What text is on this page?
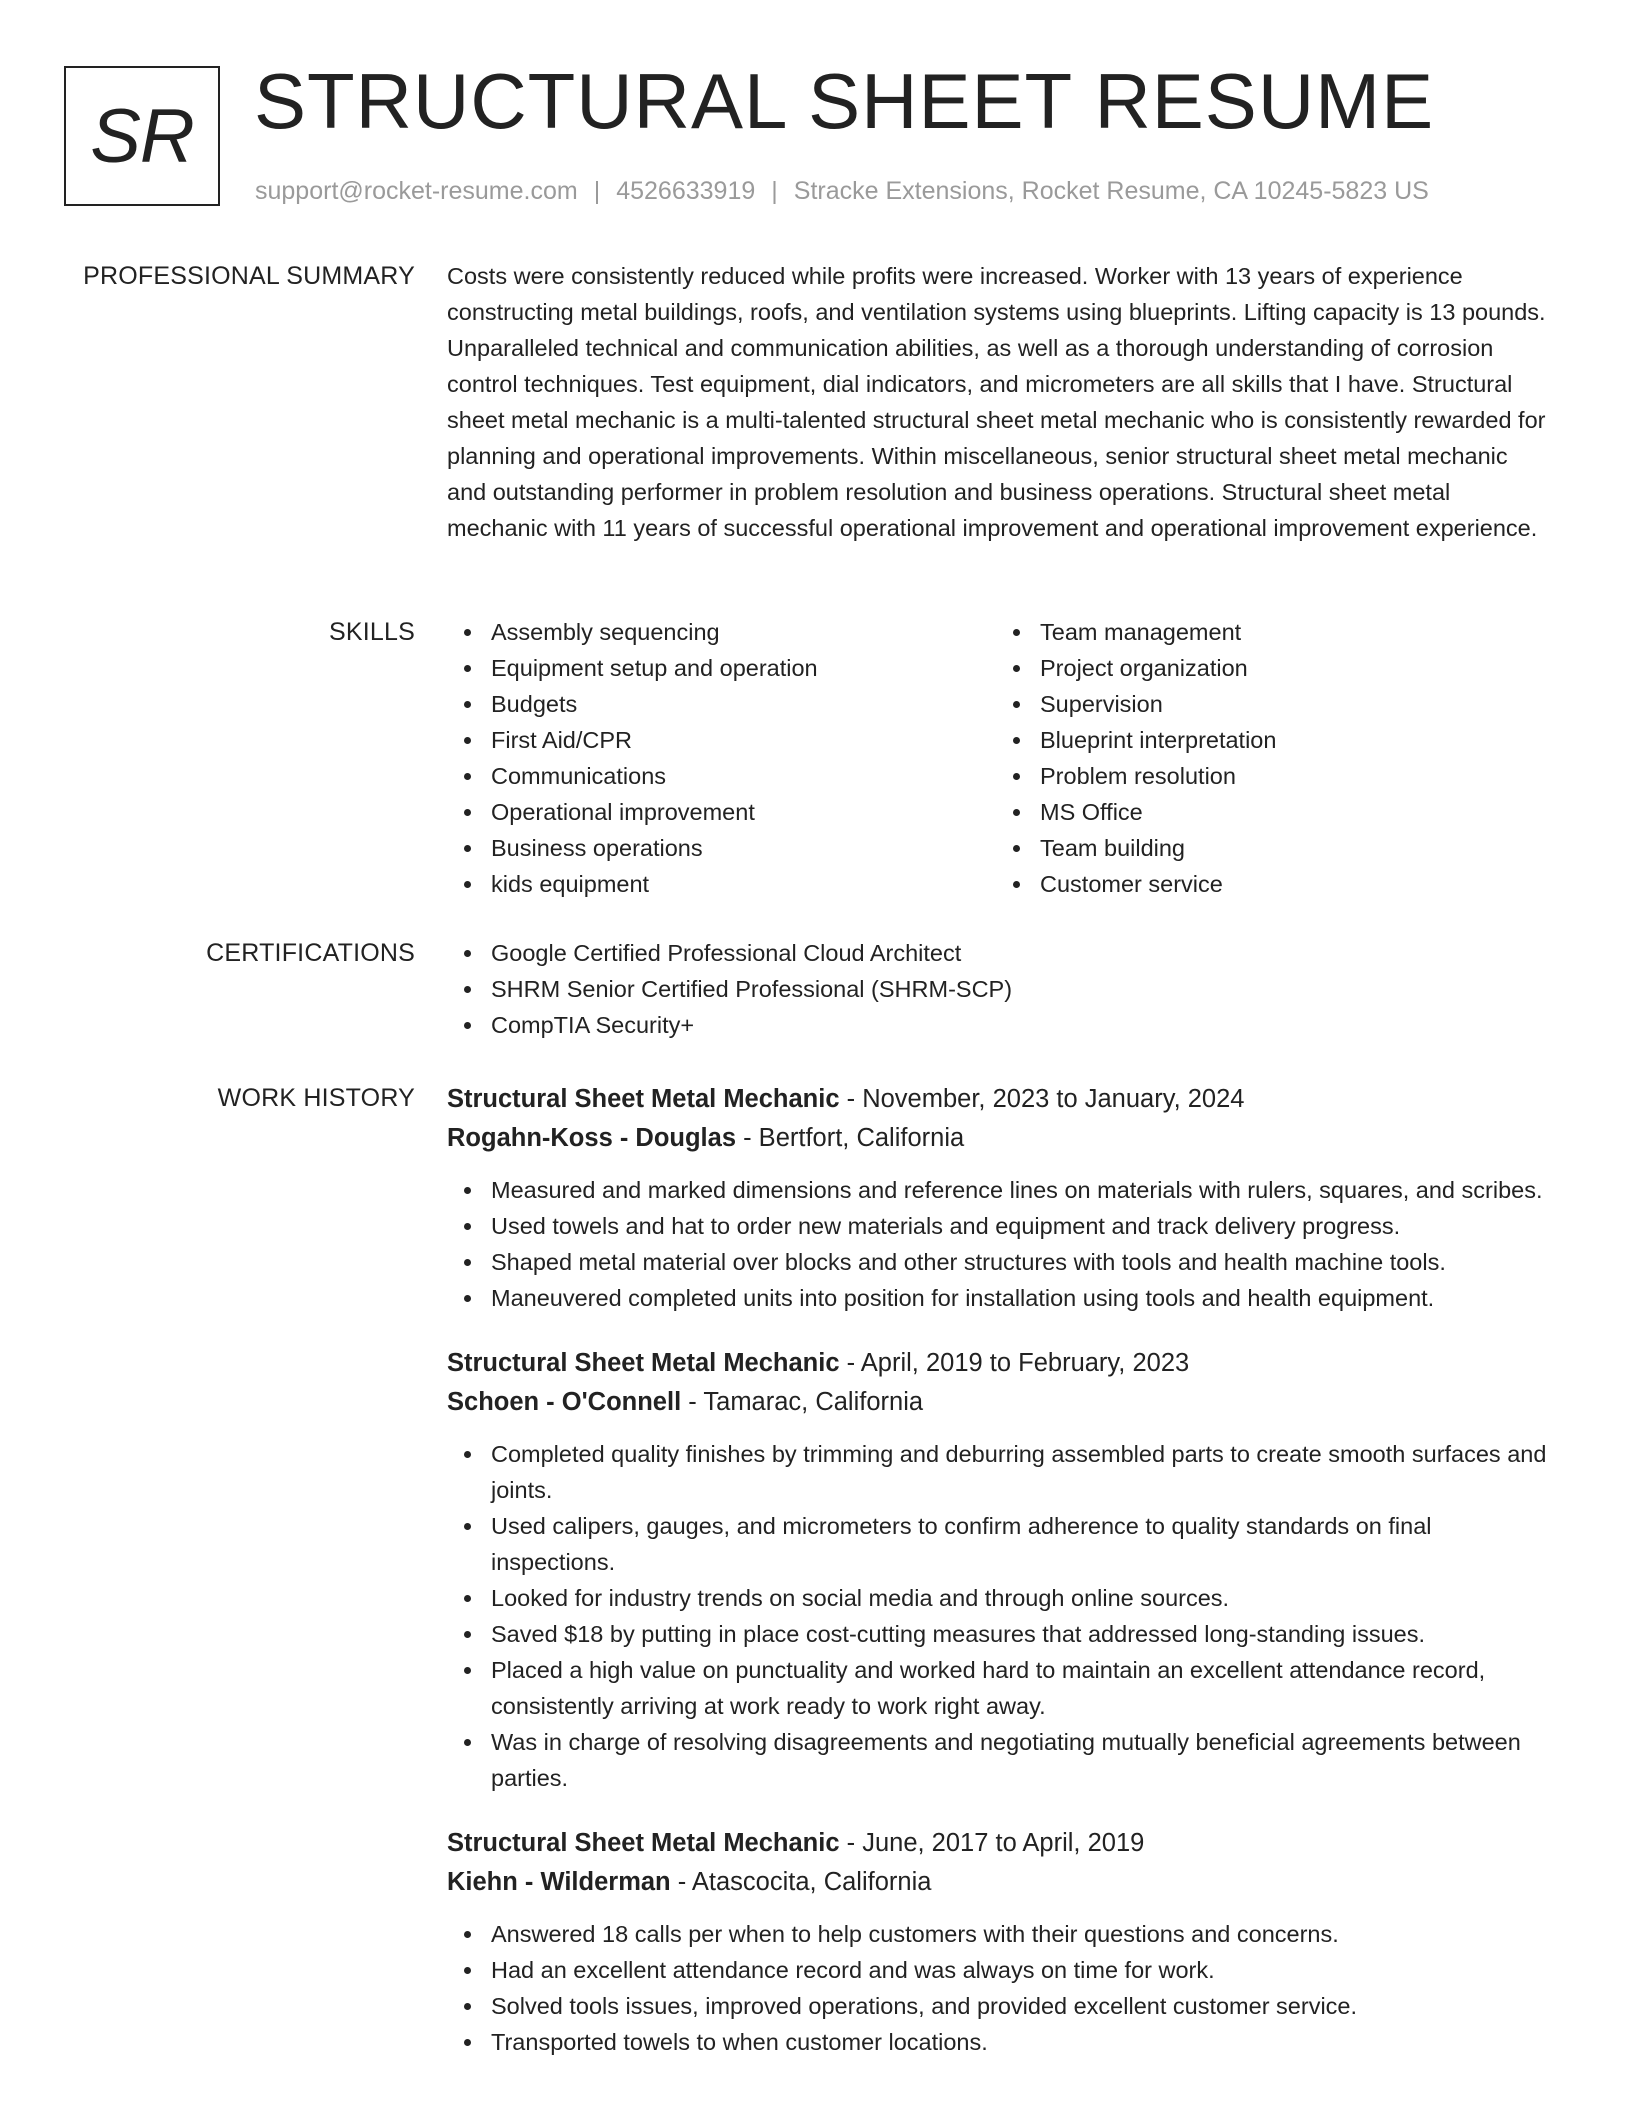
SR STRUCTURAL SHEET RESUME
support@rocket-resume.com | 4526633919 | Stracke Extensions, Rocket Resume, CA 10245-5823 US
PROFESSIONAL SUMMARY Costs were consistently reduced while profits were increased. Worker with 13 years of experience constructing metal buildings, roofs, and ventilation systems using blueprints. Lifting capacity is 13 pounds. Unparalleled technical and communication abilities, as well as a thorough understanding of corrosion control techniques. Test equipment, dial indicators, and micrometers are all skills that I have. Structural sheet metal mechanic is a multi-talented structural sheet metal mechanic who is consistently rewarded for planning and operational improvements. Within miscellaneous, senior structural sheet metal mechanic and outstanding performer in problem resolution and business operations. Structural sheet metal mechanic with 11 years of successful operational improvement and operational improvement experience.

SKILLS	Assembly sequencing
Equipment setup and operation
Budgets
First Aid/CPR
Communications
Operational improvement
Business operations
kids equipment
Team management
Project organization
Supervision
Blueprint interpretation
Problem resolution
MS Office
Team building
Customer service
CERTIFICATIONS	Google Certified Professional Cloud Architect
SHRM Senior Certified Professional (SHRM-SCP)
CompTIA Security+
WORK HISTORY Structural Sheet Metal Mechanic - November, 2023 to January, 2024
Rogahn-Koss - Douglas - Bertfort, California
Measured and marked dimensions and reference lines on materials with rulers, squares, and scribes.
Used towels and hat to order new materials and equipment and track delivery progress.
Shaped metal material over blocks and other structures with tools and health machine tools.
Maneuvered completed units into position for installation using tools and health equipment.
Structural Sheet Metal Mechanic - April, 2019 to February, 2023
Schoen - O'Connell - Tamarac, California
Completed quality finishes by trimming and deburring assembled parts to create smooth surfaces and joints.
Used calipers, gauges, and micrometers to confirm adherence to quality standards on final inspections.
Looked for industry trends on social media and through online sources.
Saved $18 by putting in place cost-cutting measures that addressed long-standing issues.
Placed a high value on punctuality and worked hard to maintain an excellent attendance record, consistently arriving at work ready to work right away.
Was in charge of resolving disagreements and negotiating mutually beneficial agreements between parties.
Structural Sheet Metal Mechanic - June, 2017 to April, 2019
Kiehn - Wilderman - Atascocita, California
Answered 18 calls per when to help customers with their questions and concerns.
Had an excellent attendance record and was always on time for work.
Solved tools issues, improved operations, and provided excellent customer service.
Transported towels to when customer locations.
